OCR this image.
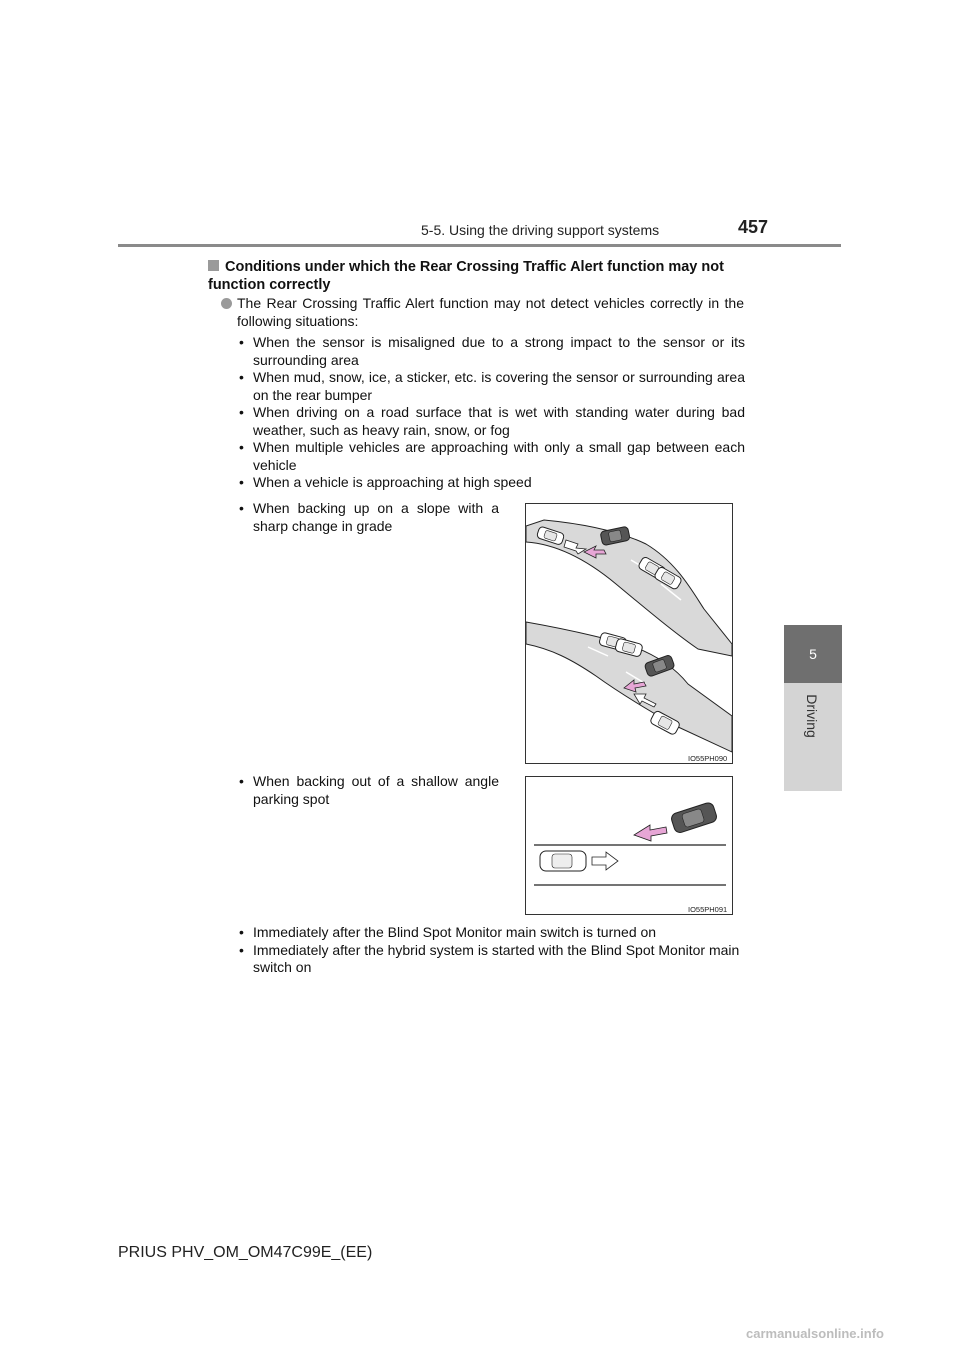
5-5. Using the driving support systems	457
5
Driving
Conditions under which the Rear Crossing Traffic Alert function may not
function correctly
The Rear Crossing Traffic Alert function may not detect vehicles correctly in the following situations:
• When the sensor is misaligned due to a strong impact to the sensor or its surrounding area
• When mud, snow, ice, a sticker, etc. is covering the sensor or surrounding area on the rear bumper
• When driving on a road surface that is wet with standing water during bad weather, such as heavy rain, snow, or fog
• When multiple vehicles are approaching with only a small gap between each vehicle
• When a vehicle is approaching at high speed
• When backing up on a slope with a sharp change in grade
IO55PH090
• When backing out of a shallow angle parking spot
IO55PH091
• Immediately after the Blind Spot Monitor main switch is turned on
• Immediately after the hybrid system is started with the Blind Spot Monitor main switch on
PRIUS PHV_OM_OM47C99E_(EE)
carmanualsonline.info
